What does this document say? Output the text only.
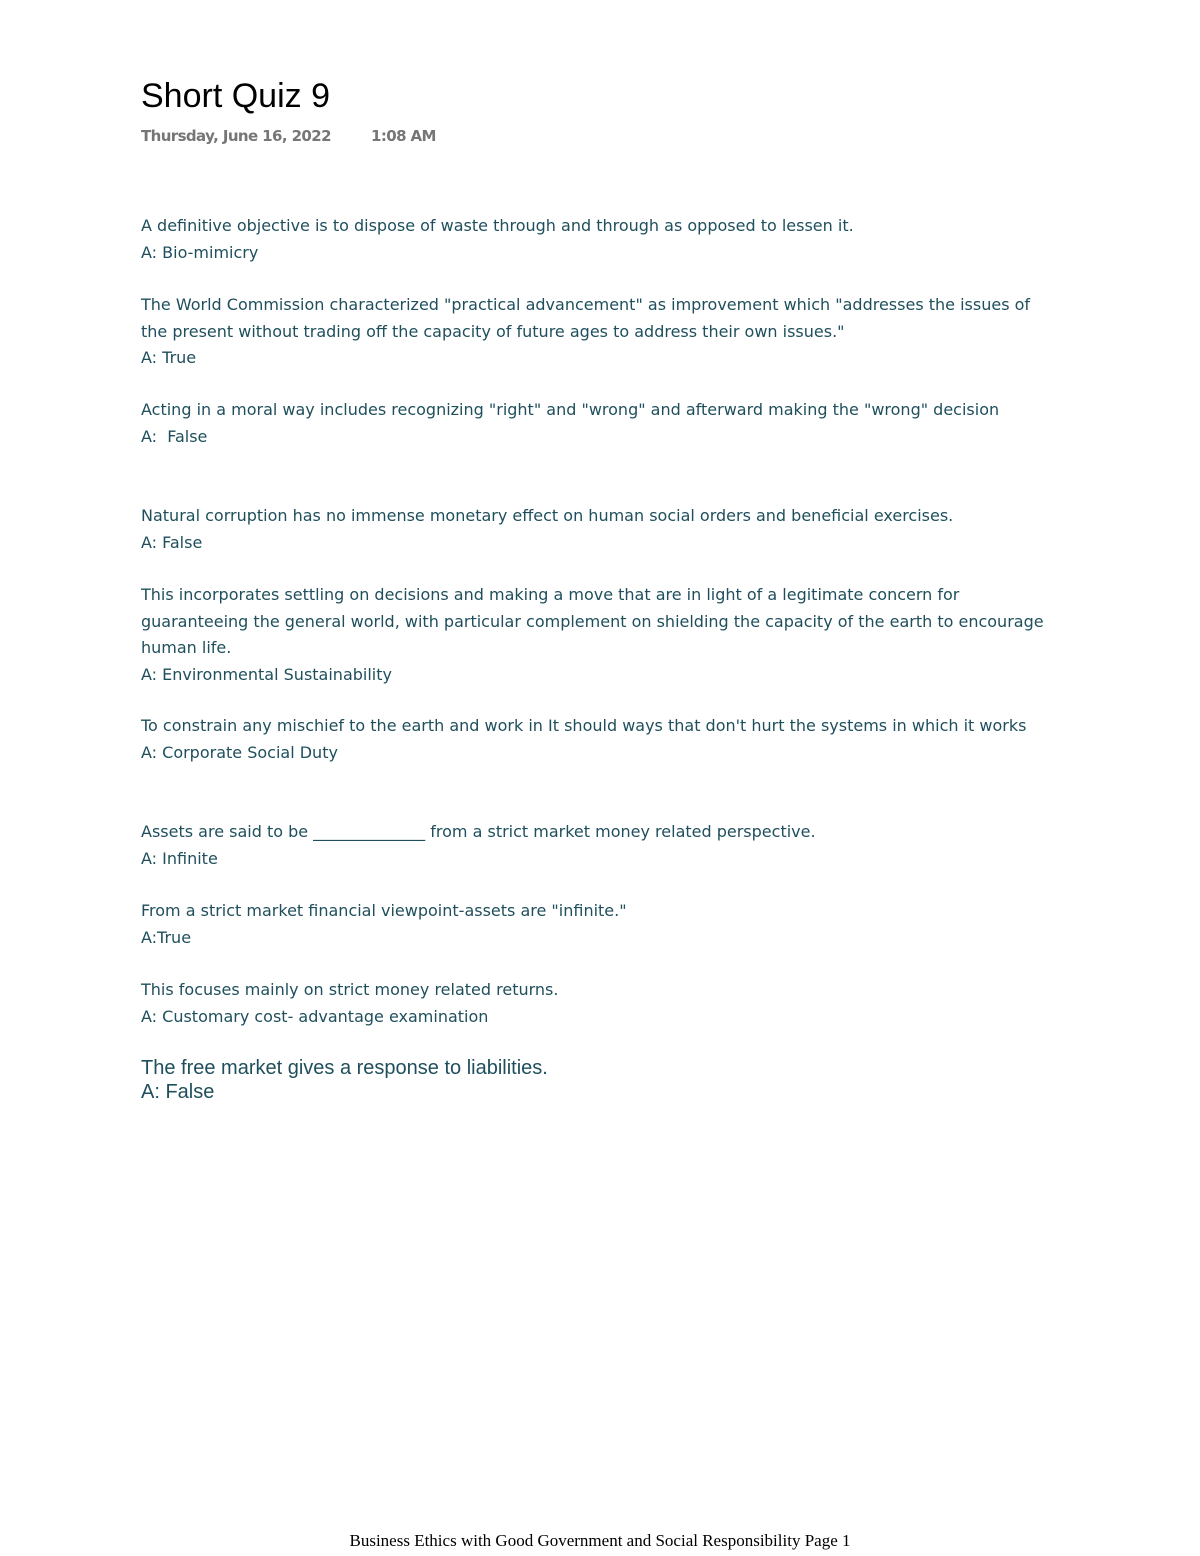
Short Quiz 9
Thursday, June 16, 2022	1:08 AM
A definitive objective is to dispose of waste through and through as opposed to lessen it.
A: Bio-mimicry
The World Commission characterized "practical advancement" as improvement which "addresses the issues of the present without trading off the capacity of future ages to address their own issues."
A: True
Acting in a moral way includes recognizing "right" and "wrong" and afterward making the "wrong" decision
A:  False
Natural corruption has no immense monetary effect on human social orders and beneficial exercises.
A: False
This incorporates settling on decisions and making a move that are in light of a legitimate concern for guaranteeing the general world, with particular complement on shielding the capacity of the earth to encourage human life.
A: Environmental Sustainability
To constrain any mischief to the earth and work in It should ways that don't hurt the systems in which it works
A: Corporate Social Duty
Assets are said to be ______________ from a strict market money related perspective.
A: Infinite
From a strict market financial viewpoint-assets are "infinite."
A:True
This focuses mainly on strict money related returns.
A: Customary cost- advantage examination
The free market gives a response to liabilities.
A: False
Business Ethics with Good Government and Social Responsibility Page 1
